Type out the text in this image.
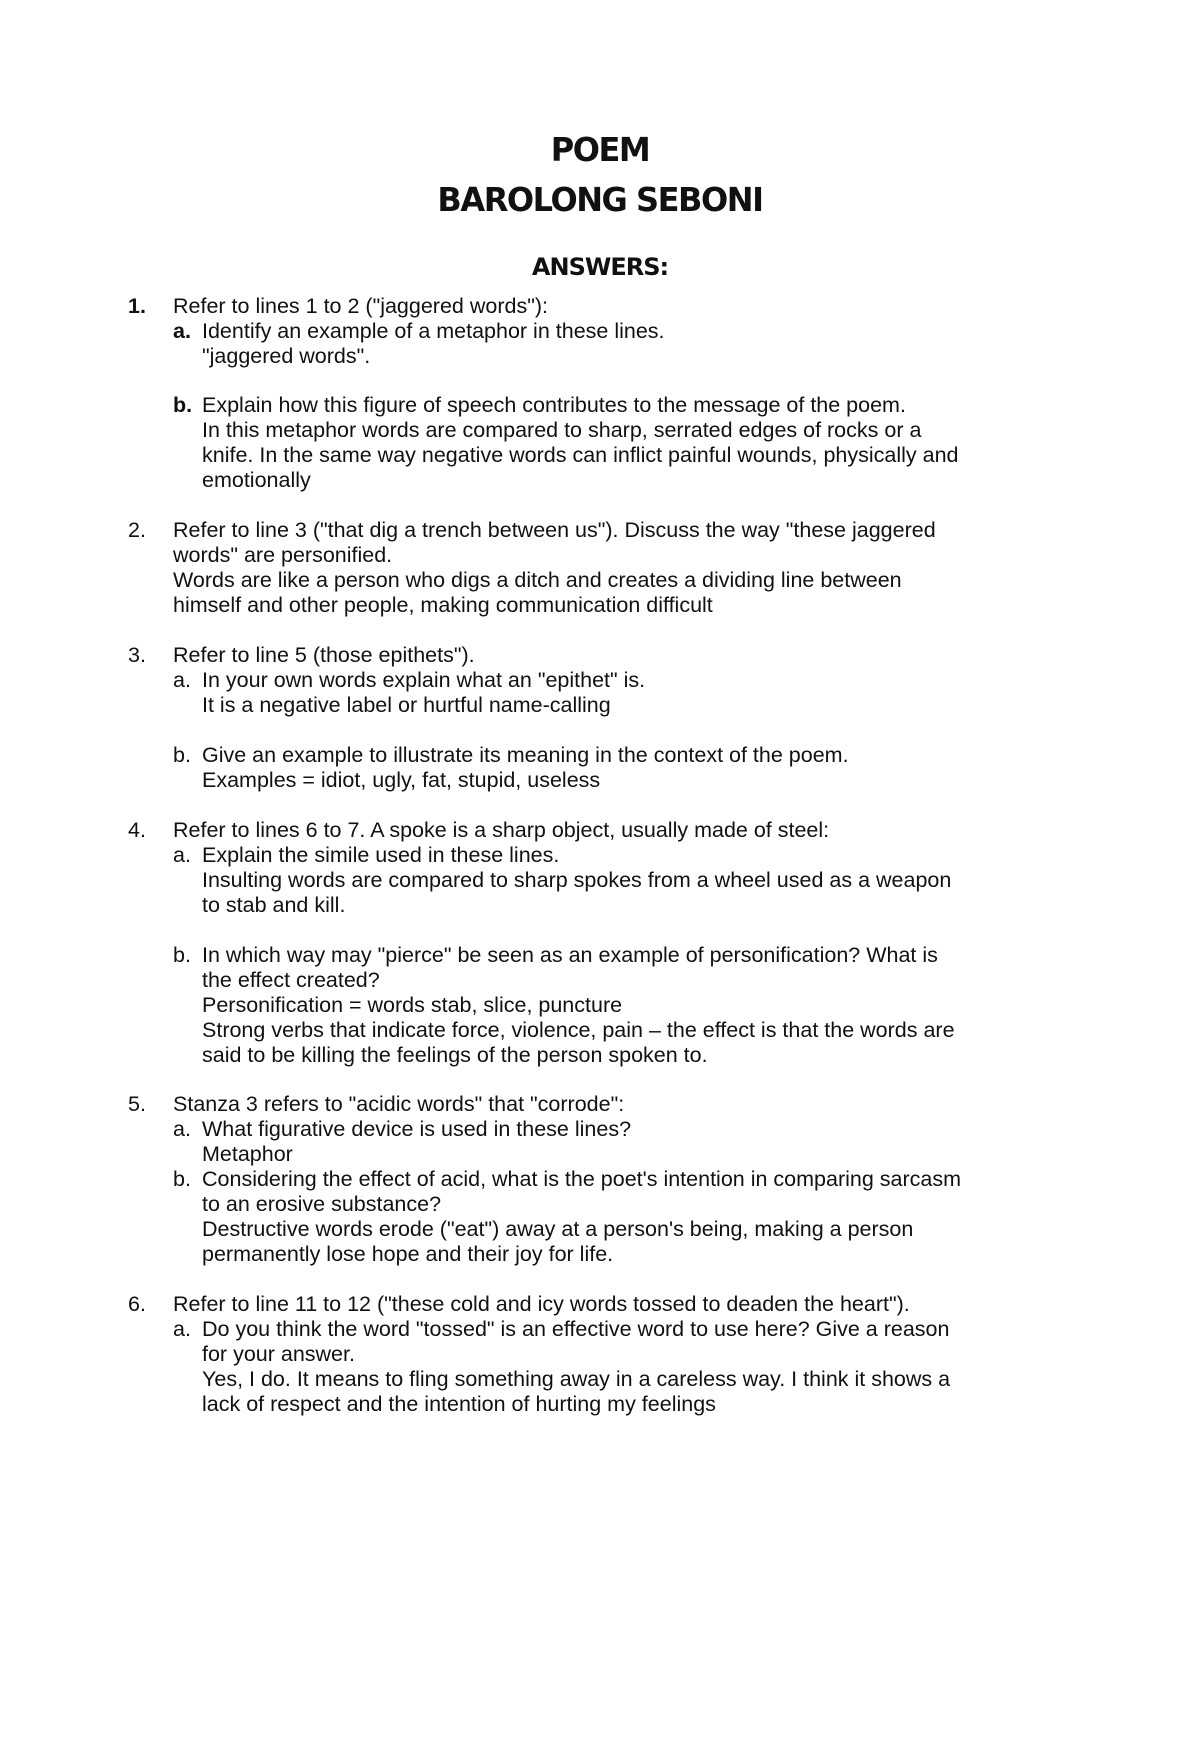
POEM
BAROLONG SEBONI
ANSWERS:
1.	Refer to lines 1 to 2 ("jaggered words"):
a. Identify an example of a metaphor in these lines.
"jaggered words".
b. Explain how this figure of speech contributes to the message of the poem.
In this metaphor words are compared to sharp, serrated edges of rocks or a
knife. In the same way negative words can inflict painful wounds, physically and
emotionally
2.	Refer to line 3 ("that dig a trench between us"). Discuss the way "these jaggered
words" are personified.
Words are like a person who digs a ditch and creates a dividing line between
himself and other people, making communication difficult
3.	Refer to line 5 (those epithets").
a. In your own words explain what an "epithet" is.
It is a negative label or hurtful name-calling
b. Give an example to illustrate its meaning in the context of the poem.
Examples = idiot, ugly, fat, stupid, useless
4.	Refer to lines 6 to 7. A spoke is a sharp object, usually made of steel:
a. Explain the simile used in these lines.
Insulting words are compared to sharp spokes from a wheel used as a weapon
to stab and kill.
b. In which way may "pierce" be seen as an example of personification? What is
the effect created?
Personification = words stab, slice, puncture
Strong verbs that indicate force, violence, pain – the effect is that the words are
said to be killing the feelings of the person spoken to.
5.	Stanza 3 refers to "acidic words" that "corrode":
a. What figurative device is used in these lines?
Metaphor
b. Considering the effect of acid, what is the poet's intention in comparing sarcasm
to an erosive substance?
Destructive words erode ("eat") away at a person's being, making a person
permanently lose hope and their joy for life.
6.	Refer to line 11 to 12 ("these cold and icy words tossed to deaden the heart").
a. Do you think the word "tossed" is an effective word to use here? Give a reason
for your answer.
Yes, I do. It means to fling something away in a careless way. I think it shows a
lack of respect and the intention of hurting my feelings
